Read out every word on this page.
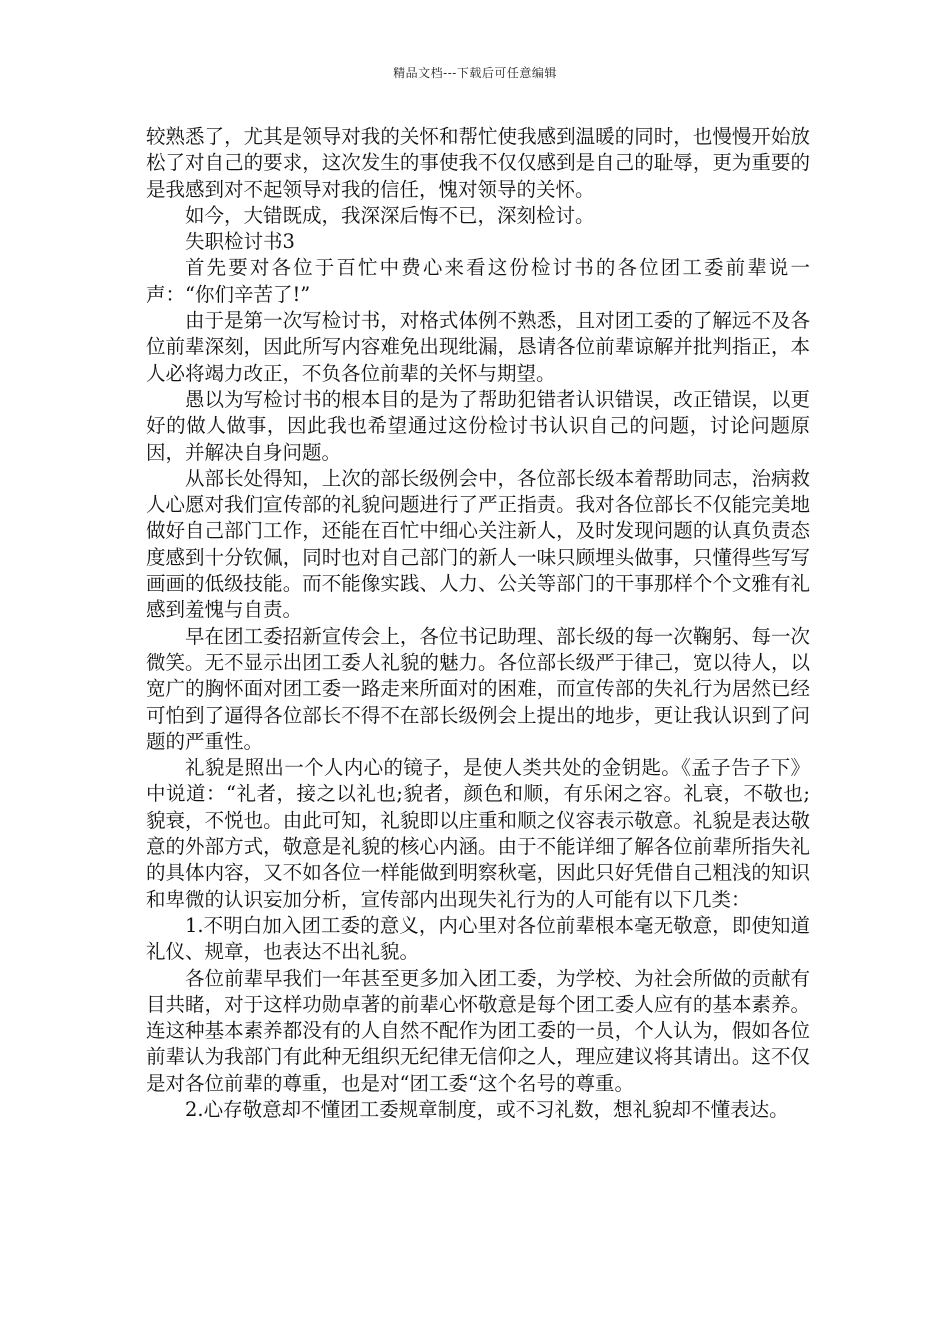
精品文档---下载后可任意编辑

较熟悉了，尤其是领导对我的关怀和帮忙使我感到温暖的同时，也慢慢开始放松了对自己的要求，这次发生的事使我不仅仅感到是自己的耻辱，更为重要的是我感到对不起领导对我的信任，愧对领导的关怀。

如今，大错既成，我深深后悔不已，深刻检讨。

失职检讨书3

首先要对各位于百忙中费心来看这份检讨书的各位团工委前辈说一声：“你们辛苦了!”

由于是第一次写检讨书，对格式体例不熟悉，且对团工委的了解远不及各位前辈深刻，因此所写内容难免出现纰漏，恳请各位前辈谅解并批判指正，本人必将竭力改正，不负各位前辈的关怀与期望。

愚以为写检讨书的根本目的是为了帮助犯错者认识错误，改正错误，以更好的做人做事，因此我也希望通过这份检讨书认识自己的问题，讨论问题原因，并解决自身问题。

从部长处得知，上次的部长级例会中，各位部长级本着帮助同志，治病救人心愿对我们宣传部的礼貌问题进行了严正指责。我对各位部长不仅能完美地做好自己部门工作，还能在百忙中细心关注新人，及时发现问题的认真负责态度感到十分钦佩，同时也对自己部门的新人一味只顾埋头做事，只懂得些写写画画的低级技能。而不能像实践、人力、公关等部门的干事那样个个文雅有礼感到羞愧与自责。

早在团工委招新宣传会上，各位书记助理、部长级的每一次鞠躬、每一次微笑。无不显示出团工委人礼貌的魅力。各位部长级严于律己，宽以待人，以宽广的胸怀面对团工委一路走来所面对的困难，而宣传部的失礼行为居然已经可怕到了逼得各位部长不得不在部长级例会上提出的地步，更让我认识到了问题的严重性。

礼貌是照出一个人内心的镜子，是使人类共处的金钥匙。《孟子告子下》中说道：“礼者，接之以礼也;貌者，颜色和顺，有乐闲之容。礼衰，不敬也;貌衰，不悦也。由此可知，礼貌即以庄重和顺之仪容表示敬意。礼貌是表达敬意的外部方式，敬意是礼貌的核心内涵。由于不能详细了解各位前辈所指失礼的具体内容，又不如各位一样能做到明察秋毫，因此只好凭借自己粗浅的知识和卑微的认识妄加分析，宣传部内出现失礼行为的人可能有以下几类：

1.不明白加入团工委的意义，内心里对各位前辈根本毫无敬意，即使知道礼仪、规章，也表达不出礼貌。

各位前辈早我们一年甚至更多加入团工委，为学校、为社会所做的贡献有目共睹，对于这样功勋卓著的前辈心怀敬意是每个团工委人应有的基本素养。连这种基本素养都没有的人自然不配作为团工委的一员，个人认为，假如各位前辈认为我部门有此种无组织无纪律无信仰之人，理应建议将其请出。这不仅是对各位前辈的尊重，也是对“团工委“这个名号的尊重。

2.心存敬意却不懂团工委规章制度，或不习礼数，想礼貌却不懂表达。
